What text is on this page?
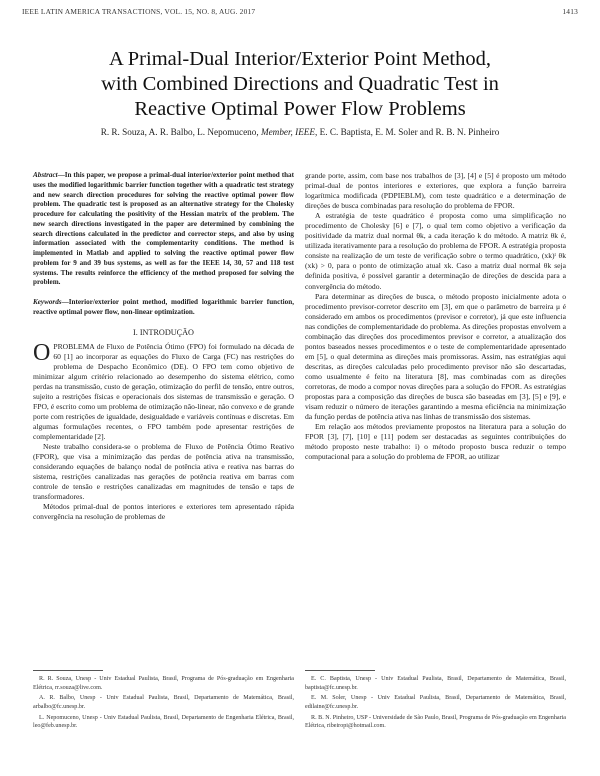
IEEE LATIN AMERICA TRANSACTIONS, VOL. 15, NO. 8, AUG. 2017	1413
A Primal-Dual Interior/Exterior Point Method,
with Combined Directions and Quadratic Test in
Reactive Optimal Power Flow Problems
R. R. Souza, A. R. Balbo, L. Nepomuceno, Member, IEEE, E. C. Baptista, E. M. Soler and R. B. N. Pinheiro

Abstract—In this paper, we propose a primal-dual interior/exterior point method that uses the modified logarithmic barrier function together with a quadratic test strategy and new search direction procedures for solving the reactive optimal power flow problem. The quadratic test is proposed as an alternative strategy for the Cholesky procedure for calculating the positivity of the Hessian matrix of the problem. The new search directions investigated in the paper are determined by combining the search directions calculated in the predictor and corrector steps, and also by using information associated with the complementarity conditions. The method is implemented in Matlab and applied to solving the reactive optimal power flow problem for 9 and 39 bus systems, as well as for the IEEE 14, 30, 57 and 118 test systems. The results reinforce the efficiency of the method proposed for solving the problem.

Keywords—Interior/exterior point method, modified logarithmic barrier function, reactive optimal power flow, non-linear optimization.

I. INTRODUÇÃO

OPROBLEMA de Fluxo de Potência Ótimo (FPO) foi formulado na década de 60 [1] ao incorporar as equações do Fluxo de Carga (FC) nas restrições do problema de Despacho Econômico (DE). O FPO tem como objetivo de minimizar algum critério relacionado ao desempenho do sistema elétrico, como perdas na transmissão, custo de geração, otimização do perfil de tensão, entre outros, sujeito a restrições físicas e operacionais dos sistemas de transmissão e geração. O FPO, é escrito como um problema de otimização não-linear, não convexo e de grande porte com restrições de igualdade, desigualdade e variáveis contínuas e discretas. Em algumas formulações recentes, o FPO também pode apresentar restrições de complementaridade [2].

Neste trabalho considera-se o problema de Fluxo de Potência Ótimo Reativo (FPOR), que visa a minimização das perdas de potência ativa na transmissão, considerando equações de balanço nodal de potência ativa e reativa nas barras do sistema, restrições canalizadas nas gerações de potência reativa em barras com controle de tensão e restrições canalizadas em magnitudes de tensão e taps de transformadores.

Métodos primal-dual de pontos interiores e exteriores tem apresentado rápida convergência na resolução de problemas de

grande porte, assim, com base nos trabalhos de [3], [4] e [5] é proposto um método primal-dual de pontos interiores e exteriores, que explora a função barreira logarítmica modificada (PDPIEBLM), com teste quadrático e a determinação de direções de busca combinadas para resolução do problema de FPOR.

A estratégia de teste quadrático é proposta como uma simplificação no procedimento de Cholesky [6] e [7], o qual tem como objetivo a verificação da positividade da matriz dual normal θk, a cada iteração k do método. A matriz θk é, utilizada iterativamente para a resolução do problema de FPOR. A estratégia proposta consiste na realização de um teste de verificação sobre o termo quadrático, (xk)ᵗ θk (xk) > 0, para o ponto de otimização atual xk. Caso a matriz dual normal θk seja definida positiva, é possível garantir a determinação de direções de descida para a convergência do método.

Para determinar as direções de busca, o método proposto inicialmente adota o procedimento previsor-corretor descrito em [3], em que o parâmetro de barreira μ é considerado em ambos os procedimentos (previsor e corretor), já que este influencia nas condições de complementaridade do problema. As direções propostas envolvem a combinação das direções dos procedimentos previsor e corretor, a atualização dos pontos baseados nesses procedimentos e o teste de complementaridade apresentado em [5], o qual determina as direções mais promissoras. Assim, nas estratégias aqui descritas, as direções calculadas pelo procedimento previsor não são descartadas, como usualmente é feito na literatura [8], mas combinadas com as direções corretoras, de modo a compor novas direções para a solução do FPOR. As estratégias propostas para a composição das direções de busca são baseadas em [3], [5] e [9], e visam reduzir o número de iterações garantindo a mesma eficiência na minimização da função perdas de potência ativa nas linhas de transmissão dos sistemas.

Em relação aos métodos previamente propostos na literatura para a solução do FPOR [3], [7], [10] e [11] podem ser destacadas as seguintes contribuições do método proposto neste trabalho: i) o método proposto busca reduzir o tempo computacional para a solução do problema de FPOR, ao utilizar

R. R. Souza, Unesp - Univ Estadual Paulista, Brasil, Programa de Pós-graduação em Engenharia Elétrica, rr.souza@live.com.

A. R. Balbo, Unesp - Univ Estadual Paulista, Brasil, Departamento de Matemática, Brasil, arbalbo@fc.unesp.br.

L. Nepomuceno, Unesp - Univ Estadual Paulista, Brasil, Departamento de Engenharia Elétrica, Brasil, leo@feb.unesp.br.

E. C. Baptista, Unesp - Univ Estadual Paulista, Brasil, Departamento de Matemática, Brasil, baptista@fc.unesp.br.

E. M. Soler, Unesp - Univ Estadual Paulista, Brasil, Departamento de Matemática, Brasil, edilaine@fc.unesp.br.

R. B. N. Pinheiro, USP - Universidade de São Paulo, Brasil, Programa de Pós-graduação em Engenharia Elétrica, ribeiropi@hotmail.com.
